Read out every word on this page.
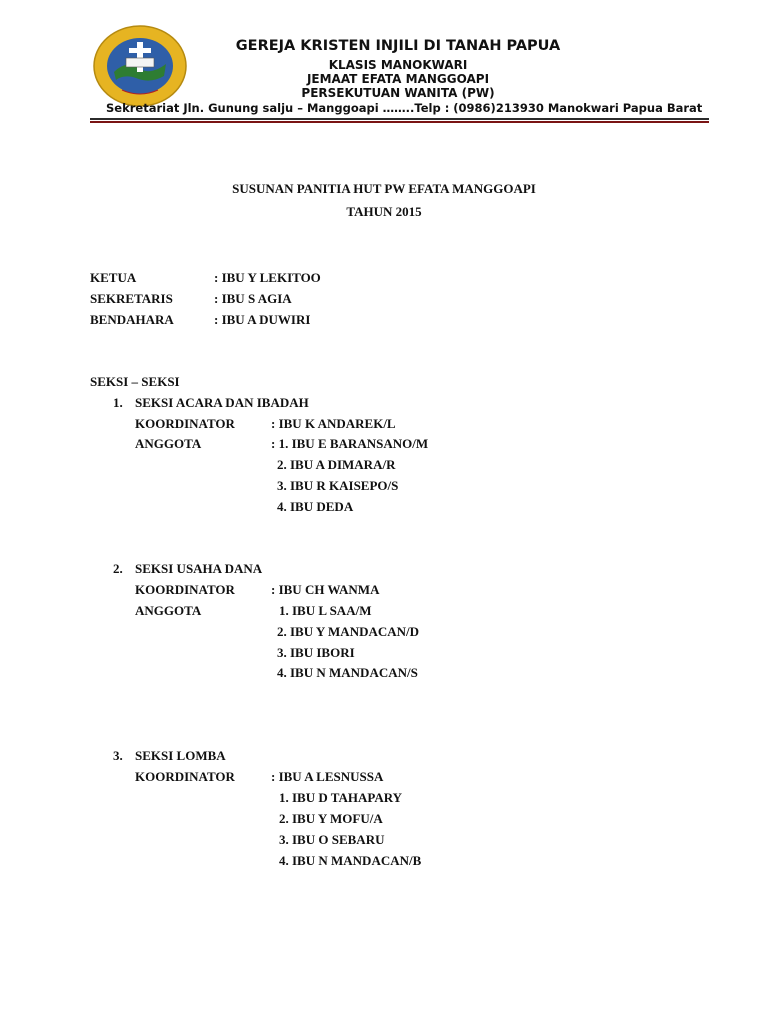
GEREJA KRISTEN INJILI DI TANAH PAPUA
KLASIS MANOKWARI
JEMAAT EFATA MANGGOAPI
PERSEKUTUAN WANITA (PW)
Sekretariat Jln. Gunung salju – Manggoapi ……..Telp : (0986)213930 Manokwari Papua Barat
SUSUNAN PANITIA HUT PW EFATA MANGGOAPI
TAHUN 2015
KETUA	: IBU Y LEKITOO
SEKRETARIS	: IBU S AGIA
BENDAHARA	: IBU A DUWIRI
SEKSI – SEKSI
1. SEKSI ACARA DAN IBADAH
KOORDINATOR	: IBU K ANDAREK/L
ANGGOTA	: 1. IBU E BARANSANO/M
2. IBU A DIMARA/R
3. IBU R KAISEPO/S
4. IBU DEDA
2. SEKSI USAHA DANA
KOORDINATOR	: IBU CH WANMA
ANGGOTA	1. IBU L SAA/M
2. IBU Y MANDACAN/D
3. IBU IBORI
4. IBU N MANDACAN/S
3. SEKSI LOMBA
KOORDINATOR	: IBU A LESNUSSA
1. IBU D TAHAPARY
2. IBU Y MOFU/A
3. IBU O SEBARU
4. IBU N MANDACAN/B
